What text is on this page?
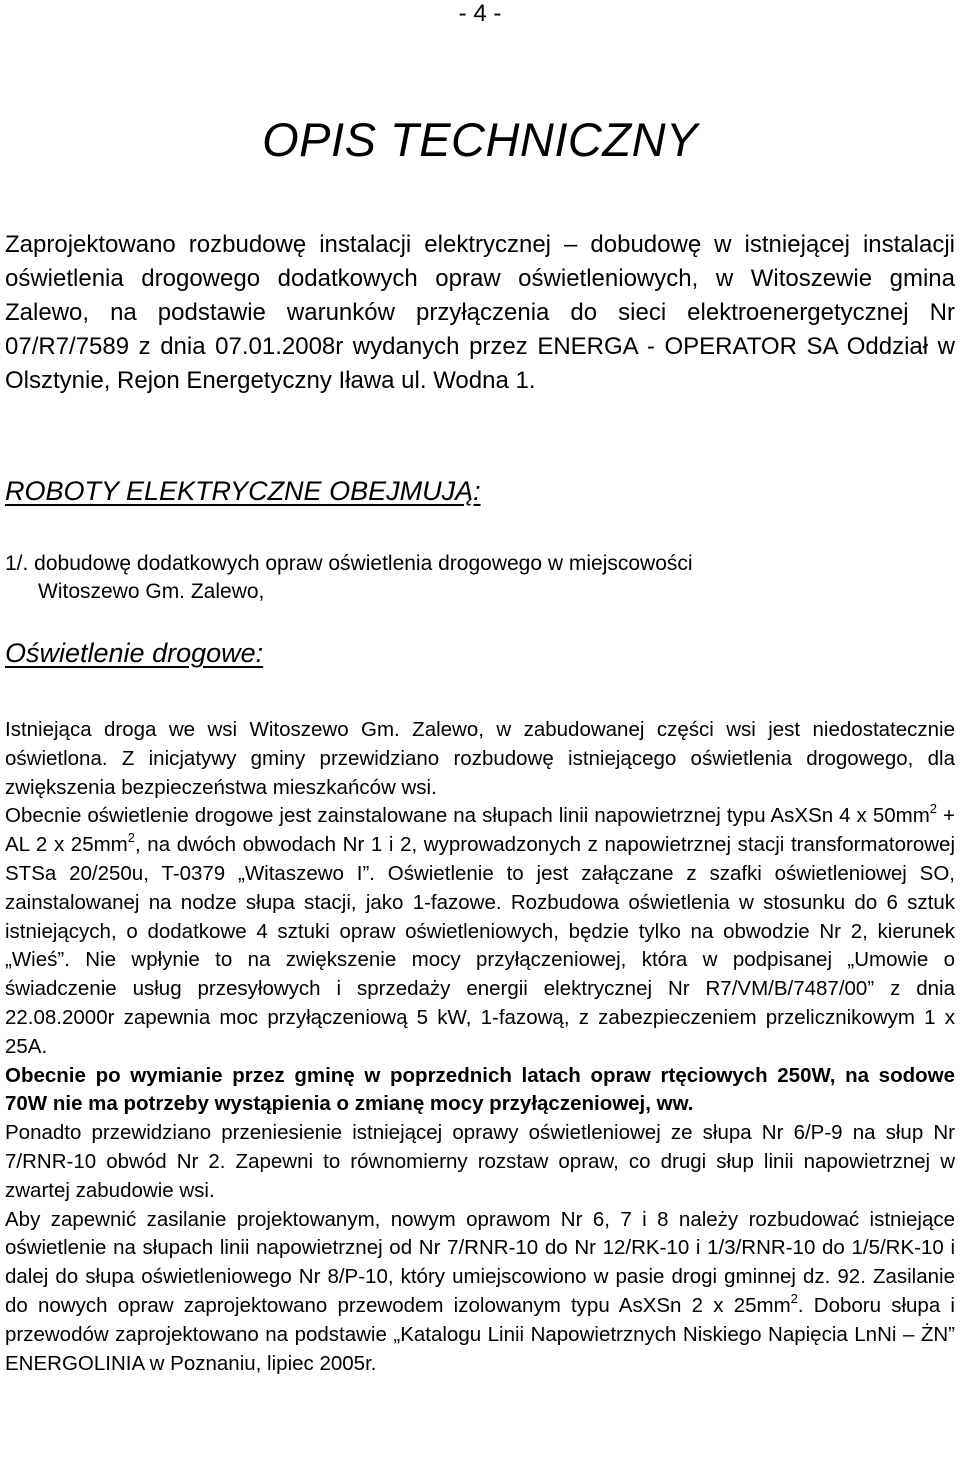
- 4 -
OPIS TECHNICZNY
Zaprojektowano rozbudowę instalacji elektrycznej – dobudowę w istniejącej instalacji oświetlenia drogowego dodatkowych opraw oświetleniowych, w Witoszewie gmina Zalewo, na podstawie warunków przyłączenia do sieci elektroenergetycznej Nr 07/R7/7589 z dnia 07.01.2008r wydanych przez ENERGA - OPERATOR SA Oddział w Olsztynie, Rejon Energetyczny Iława ul. Wodna 1.
ROBOTY ELEKTRYCZNE OBEJMUJĄ:
1/. dobudowę dodatkowych opraw oświetlenia drogowego w miejscowości
Witoszewo Gm. Zalewo,
Oświetlenie drogowe:

Istniejąca droga we wsi Witoszewo Gm. Zalewo, w zabudowanej części wsi jest niedostatecznie oświetlona. Z inicjatywy gminy przewidziano rozbudowę istniejącego oświetlenia drogowego, dla zwiększenia bezpieczeństwa mieszkańców wsi.

Obecnie oświetlenie drogowe jest zainstalowane na słupach linii napowietrznej typu AsXSn 4 x $50mm^2$ + AL 2 x $25mm^2$, na dwóch obwodach Nr 1 i 2, wyprowadzonych z napowietrznej stacji transformatorowej STSa 20/250u, T-0379 „Witaszewo I”. Oświetlenie to jest załączane z szafki oświetleniowej SO, zainstalowanej na nodze słupa stacji, jako 1-fazowe. Rozbudowa oświetlenia w stosunku do 6 sztuk istniejących, o dodatkowe 4 sztuki opraw oświetleniowych, będzie tylko na obwodzie Nr 2, kierunek „Wieś”. Nie wpłynie to na zwiększenie mocy przyłączeniowej, która w podpisanej „Umowie o świadczenie usług przesyłowych i sprzedaży energii elektrycznej Nr R7/VM/B/7487/00” z dnia 22.08.2000r zapewnia moc przyłączeniową 5 kW, 1-fazową, z zabezpieczeniem przelicznikowym 1 x 25A.

Obecnie po wymianie przez gminę w poprzednich latach opraw rtęciowych 250W, na sodowe 70W nie ma potrzeby wystąpienia o zmianę mocy przyłączeniowej, ww.

Ponadto przewidziano przeniesienie istniejącej oprawy oświetleniowej ze słupa Nr 6/P-9 na słup Nr 7/RNR-10 obwód Nr 2. Zapewni to równomierny rozstaw opraw, co drugi słup linii napowietrznej w zwartej zabudowie wsi.

Aby zapewnić zasilanie projektowanym, nowym oprawom Nr 6, 7 i 8 należy rozbudować istniejące oświetlenie na słupach linii napowietrznej od Nr 7/RNR-10 do Nr 12/RK-10 i 1/3/RNR-10 do 1/5/RK-10 i dalej do słupa oświetleniowego Nr 8/P-10, który umiejscowiono w pasie drogi gminnej dz. 92. Zasilanie do nowych opraw zaprojektowano przewodem izolowanym typu AsXSn 2 x $25mm^2$. Doboru słupa i przewodów zaprojektowano na podstawie „Katalogu Linii Napowietrznych Niskiego Napięcia LnNi – ŻN” ENERGOLINIA w Poznaniu, lipiec 2005r.
